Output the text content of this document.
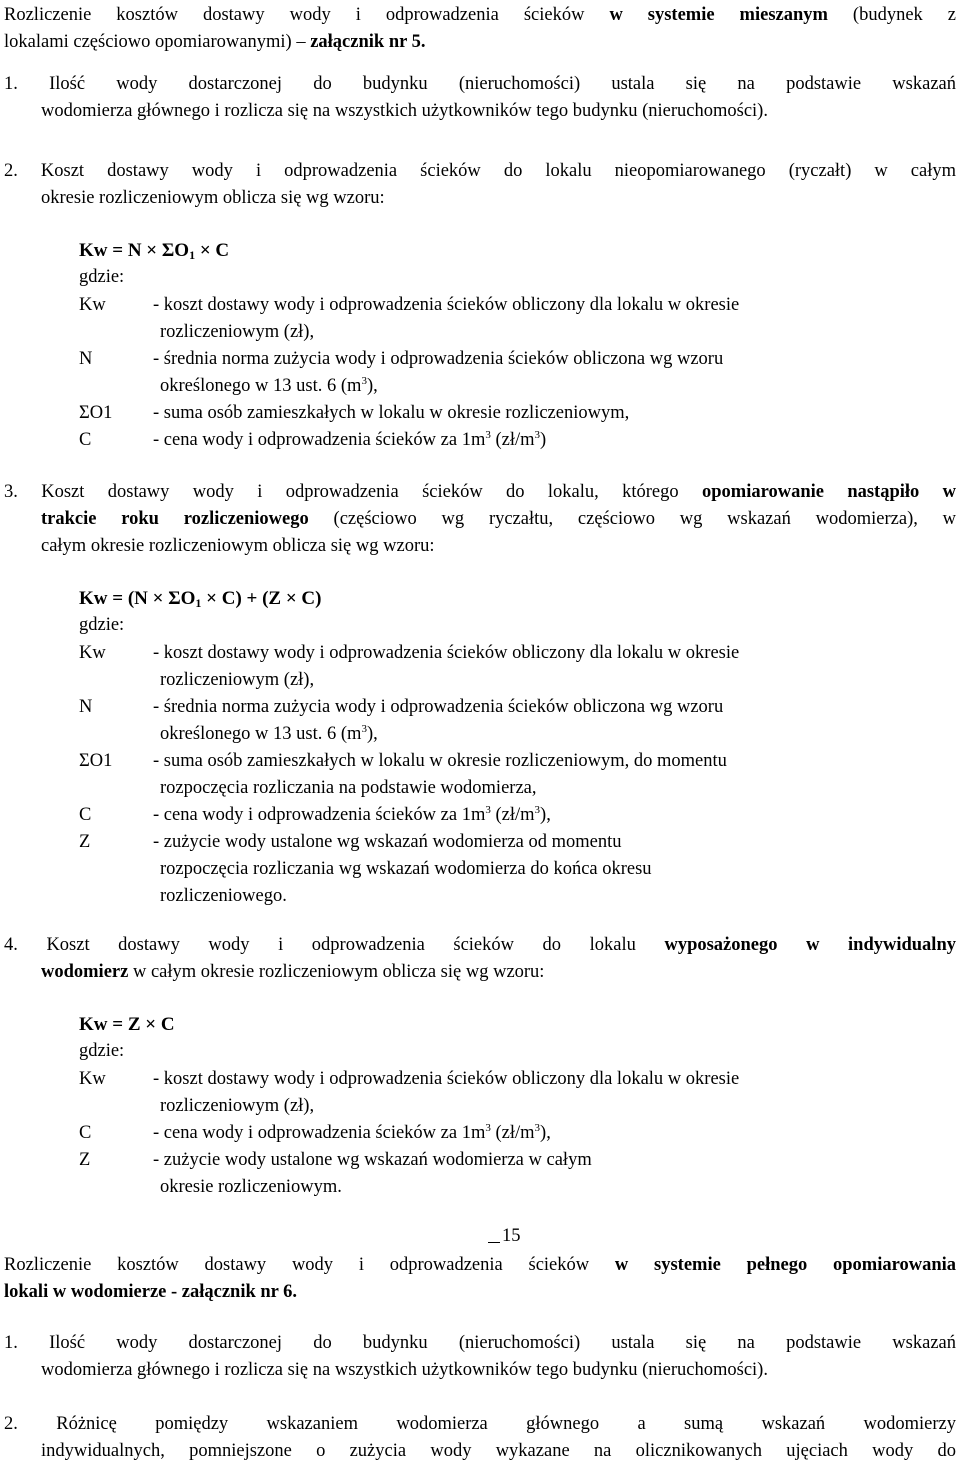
Rozliczenie kosztów dostawy wody i odprowadzenia ścieków w systemie mieszanym (budynek z
lokalami częściowo opomiarowanymi) – załącznik nr 5.
1. Ilość wody dostarczonej do budynku (nieruchomości) ustala się na podstawie wskazań
wodomierza głównego i rozlicza się na wszystkich użytkowników tego budynku (nieruchomości).
2. Koszt dostawy wody i odprowadzenia ścieków do lokalu nieopomiarowanego (ryczałt) w całym
okresie rozliczeniowym oblicza się wg wzoru:
$Kw = N \times \Sigma O_1 \times C$
gdzie:
Kw	- koszt dostawy wody i odprowadzenia ścieków obliczony dla lokalu w okresie
rozliczeniowym (zł),
N	- średnia norma zużycia wody i odprowadzenia ścieków obliczona wg wzoru
określonego w 13 ust. 6 $(m^3)$,
ΣO1	- suma osób zamieszkałych w lokalu w okresie rozliczeniowym,
C	- cena wody i odprowadzenia ścieków za $1m^3$ $(zł/m^3)$
3. Koszt dostawy wody i odprowadzenia ścieków do lokalu, którego opomiarowanie nastąpiło w
trakcie roku rozliczeniowego (częściowo wg ryczałtu, częściowo wg wskazań wodomierza), w
całym okresie rozliczeniowym oblicza się wg wzoru:
$Kw = (N \times \Sigma O_1 \times C) + (Z \times C)$
gdzie:
Kw	- koszt dostawy wody i odprowadzenia ścieków obliczony dla lokalu w okresie
rozliczeniowym (zł),
N	- średnia norma zużycia wody i odprowadzenia ścieków obliczona wg wzoru
określonego w 13 ust. 6 $(m^3)$,
ΣO1	- suma osób zamieszkałych w lokalu w okresie rozliczeniowym, do momentu
rozpoczęcia rozliczania na podstawie wodomierza,
C	- cena wody i odprowadzenia ścieków za $1m^3$ $(zł/m^3)$,
Z	- zużycie wody ustalone wg wskazań wodomierza od momentu
rozpoczęcia rozliczania wg wskazań wodomierza do końca okresu
rozliczeniowego.
4. Koszt dostawy wody i odprowadzenia ścieków do lokalu wyposażonego w indywidualny
wodomierz w całym okresie rozliczeniowym oblicza się wg wzoru:
Kw = Z × C
gdzie:
Kw	- koszt dostawy wody i odprowadzenia ścieków obliczony dla lokalu w okresie
rozliczeniowym (zł),
C	- cena wody i odprowadzenia ścieków za $1m^3$ $(zł/m^3)$,
Z	- zużycie wody ustalone wg wskazań wodomierza w całym
okresie rozliczeniowym.
15
Rozliczenie kosztów dostawy wody i odprowadzenia ścieków w systemie pełnego opomiarowania
lokali w wodomierze - załącznik nr 6.
1. Ilość wody dostarczonej do budynku (nieruchomości) ustala się na podstawie wskazań
wodomierza głównego i rozlicza się na wszystkich użytkowników tego budynku (nieruchomości).
2. Różnicę pomiędzy wskazaniem wodomierza głównego a sumą wskazań wodomierzy
indywidualnych, pomniejszone o zużycia wody wykazane na olicznikowanych ujęciach wody do
